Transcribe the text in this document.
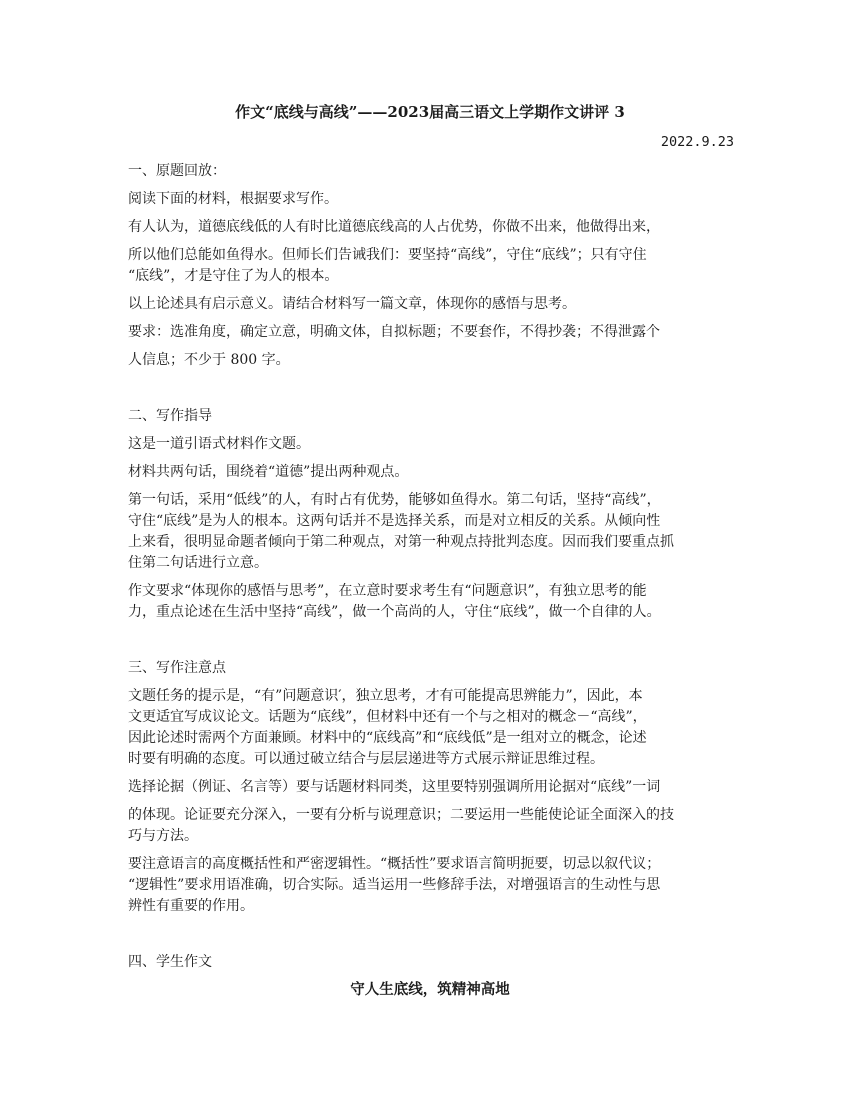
作文“底线与高线”——2023届高三语文上学期作文讲评 3
2022.9.23
一、原题回放：
阅读下面的材料，根据要求写作。
有人认为，道德底线低的人有时比道德底线高的人占优势，你做不出来，他做得出来，
所以他们总能如鱼得水。但师长们告诫我们：要坚持“高线”，守住“底线”；只有守住
“底线”，才是守住了为人的根本。
以上论述具有启示意义。请结合材料写一篇文章，体现你的感悟与思考。
要求：选准角度，确定立意，明确文体，自拟标题；不要套作，不得抄袭；不得泄露个
人信息；不少于 800 字。
二、写作指导
这是一道引语式材料作文题。
材料共两句话，围绕着“道德”提出两种观点。
第一句话，采用“低线”的人，有时占有优势，能够如鱼得水。第二句话，坚持“高线”，
守住“底线”是为人的根本。这两句话并不是选择关系，而是对立相反的关系。从倾向性
上来看，很明显命题者倾向于第二种观点，对第一种观点持批判态度。因而我们要重点抓
住第二句话进行立意。
作文要求“体现你的感悟与思考”，在立意时要求考生有“问题意识”，有独立思考的能
力，重点论述在生活中坚持“高线”，做一个高尚的人，守住“底线”，做一个自律的人。
三、写作注意点
文题任务的提示是，“有”问题意识′，独立思考，才有可能提高思辨能力”，因此，本
文更适宜写成议论文。话题为“底线”，但材料中还有一个与之相对的概念－“高线”，
因此论述时需两个方面兼顾。材料中的“底线高”和“底线低”是一组对立的概念，论述
时要有明确的态度。可以通过破立结合与层层递进等方式展示辩证思维过程。
选择论据（例证、名言等）要与话题材料同类，这里要特别强调所用论据对“底线”一词
的体现。论证要充分深入，一要有分析与说理意识；二要运用一些能使论证全面深入的技
巧与方法。
要注意语言的高度概括性和严密逻辑性。“概括性”要求语言简明扼要，切忌以叙代议；
“逻辑性”要求用语准确，切合实际。适当运用一些修辞手法，对增强语言的生动性与思
辨性有重要的作用。
四、学生作文
守人生底线，筑精神高地
